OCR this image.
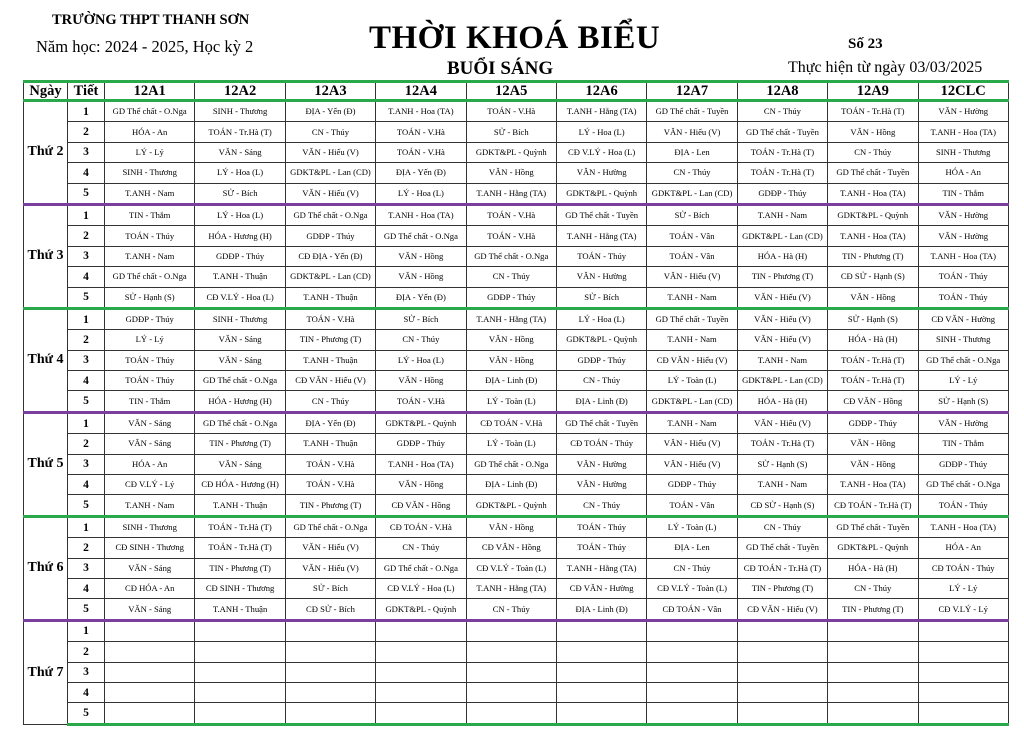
TRƯỜNG THPT THANH SƠN
Năm học: 2024 - 2025, Học kỳ 2	THỜI KHOÁ BIỂU
BUỔI SÁNG
Số 23
Thực hiện từ ngày 03/03/2025
Ngày	Tiết	12A1	12A2	12A3	12A4	12A5	12A6	12A7	12A8	12A9	12CLC
Thứ 2	1	GD Thể chất - O.Nga	SINH - Thương	ĐỊA - Yến (Đ)	T.ANH - Hoa (TA)	TOÁN - V.Hà	T.ANH - Hằng (TA)	GD Thể chất - Tuyền	CN - Thúy	TOÁN - Tr.Hà (T)	VĂN - Hường
	2	HÓA - An	TOÁN - Tr.Hà (T)	CN - Thúy	TOÁN - V.Hà	SỬ - Bích	LÝ - Hoa (L)	VĂN - Hiếu (V)	GD Thể chất - Tuyền	VĂN - Hồng	T.ANH - Hoa (TA)
	3	LÝ - Lý	VĂN - Sáng	VĂN - Hiếu (V)	TOÁN - V.Hà	GDKT&PL - Quỳnh	CĐ V.LÝ - Hoa (L)	ĐỊA - Len	TOÁN - Tr.Hà (T)	CN - Thúy	SINH - Thương
	4	SINH - Thương	LÝ - Hoa (L)	GDKT&PL - Lan (CD)	ĐỊA - Yến (Đ)	VĂN - Hồng	VĂN - Hường	CN - Thúy	TOÁN - Tr.Hà (T)	GD Thể chất - Tuyền	HÓA - An
	5	T.ANH - Nam	SỬ - Bích	VĂN - Hiếu (V)	LÝ - Hoa (L)	T.ANH - Hằng (TA)	GDKT&PL - Quỳnh	GDKT&PL - Lan (CD)	GDĐP - Thúy	T.ANH - Hoa (TA)	TIN - Thắm
Thứ 3	1	TIN - Thắm	LÝ - Hoa (L)	GD Thể chất - O.Nga	T.ANH - Hoa (TA)	TOÁN - V.Hà	GD Thể chất - Tuyền	SỬ - Bích	T.ANH - Nam	GDKT&PL - Quỳnh	VĂN - Hường
	2	TOÁN - Thúy	HÓA - Hương (H)	GDĐP - Thúy	GD Thể chất - O.Nga	TOÁN - V.Hà	T.ANH - Hằng (TA)	TOÁN - Vân	GDKT&PL - Lan (CD)	T.ANH - Hoa (TA)	VĂN - Hường
	3	T.ANH - Nam	GDĐP - Thúy	CĐ ĐỊA - Yến (Đ)	VĂN - Hồng	GD Thể chất - O.Nga	TOÁN - Thúy	TOÁN - Vân	HÓA - Hà (H)	TIN - Phương (T)	T.ANH - Hoa (TA)
	4	GD Thể chất - O.Nga	T.ANH - Thuận	GDKT&PL - Lan (CD)	VĂN - Hồng	CN - Thúy	VĂN - Hường	VĂN - Hiếu (V)	TIN - Phương (T)	CĐ SỬ - Hạnh (S)	TOÁN - Thúy
	5	SỬ - Hạnh (S)	CĐ V.LÝ - Hoa (L)	T.ANH - Thuận	ĐỊA - Yến (Đ)	GDĐP - Thúy	SỬ - Bích	T.ANH - Nam	VĂN - Hiếu (V)	VĂN - Hồng	TOÁN - Thúy
Thứ 4	1	GDĐP - Thúy	SINH - Thương	TOÁN - V.Hà	SỬ - Bích	T.ANH - Hằng (TA)	LÝ - Hoa (L)	GD Thể chất - Tuyền	VĂN - Hiếu (V)	SỬ - Hạnh (S)	CĐ VĂN - Hường
	2	LÝ - Lý	VĂN - Sáng	TIN - Phương (T)	CN - Thúy	VĂN - Hồng	GDKT&PL - Quỳnh	T.ANH - Nam	VĂN - Hiếu (V)	HÓA - Hà (H)	SINH - Thương
	3	TOÁN - Thúy	VĂN - Sáng	T.ANH - Thuận	LÝ - Hoa (L)	VĂN - Hồng	GDĐP - Thúy	CĐ VĂN - Hiếu (V)	T.ANH - Nam	TOÁN - Tr.Hà (T)	GD Thể chất - O.Nga
	4	TOÁN - Thúy	GD Thể chất - O.Nga	CĐ VĂN - Hiếu (V)	VĂN - Hồng	ĐỊA - Linh (Đ)	CN - Thúy	LÝ - Toàn (L)	GDKT&PL - Lan (CD)	TOÁN - Tr.Hà (T)	LÝ - Lý
	5	TIN - Thắm	HÓA - Hương (H)	CN - Thúy	TOÁN - V.Hà	LÝ - Toàn (L)	ĐỊA - Linh (Đ)	GDKT&PL - Lan (CD)	HÓA - Hà (H)	CĐ VĂN - Hồng	SỬ - Hạnh (S)
Thứ 5	1	VĂN - Sáng	GD Thể chất - O.Nga	ĐỊA - Yến (Đ)	GDKT&PL - Quỳnh	CĐ TOÁN - V.Hà	GD Thể chất - Tuyền	T.ANH - Nam	VĂN - Hiếu (V)	GDĐP - Thúy	VĂN - Hường
	2	VĂN - Sáng	TIN - Phương (T)	T.ANH - Thuận	GDĐP - Thúy	LÝ - Toàn (L)	CĐ TOÁN - Thúy	VĂN - Hiếu (V)	TOÁN - Tr.Hà (T)	VĂN - Hồng	TIN - Thắm
	3	HÓA - An	VĂN - Sáng	TOÁN - V.Hà	T.ANH - Hoa (TA)	GD Thể chất - O.Nga	VĂN - Hường	VĂN - Hiếu (V)	SỬ - Hạnh (S)	VĂN - Hồng	GDĐP - Thúy
	4	CĐ V.LÝ - Lý	CĐ HÓA - Hương (H)	TOÁN - V.Hà	VĂN - Hồng	ĐỊA - Linh (Đ)	VĂN - Hường	GDĐP - Thúy	T.ANH - Nam	T.ANH - Hoa (TA)	GD Thể chất - O.Nga
	5	T.ANH - Nam	T.ANH - Thuận	TIN - Phương (T)	CĐ VĂN - Hồng	GDKT&PL - Quỳnh	CN - Thúy	TOÁN - Vân	CĐ SỬ - Hạnh (S)	CĐ TOÁN - Tr.Hà (T)	TOÁN - Thúy
Thứ 6	1	SINH - Thương	TOÁN - Tr.Hà (T)	GD Thể chất - O.Nga	CĐ TOÁN - V.Hà	VĂN - Hồng	TOÁN - Thúy	LÝ - Toàn (L)	CN - Thúy	GD Thể chất - Tuyền	T.ANH - Hoa (TA)
	2	CĐ SINH - Thương	TOÁN - Tr.Hà (T)	VĂN - Hiếu (V)	CN - Thúy	CĐ VĂN - Hồng	TOÁN - Thúy	ĐỊA - Len	GD Thể chất - Tuyền	GDKT&PL - Quỳnh	HÓA - An
	3	VĂN - Sáng	TIN - Phương (T)	VĂN - Hiếu (V)	GD Thể chất - O.Nga	CĐ V.LÝ - Toàn (L)	T.ANH - Hằng (TA)	CN - Thúy	CĐ TOÁN - Tr.Hà (T)	HÓA - Hà (H)	CĐ TOÁN - Thúy
	4	CĐ HÓA - An	CĐ SINH - Thương	SỬ - Bích	CĐ V.LÝ - Hoa (L)	T.ANH - Hằng (TA)	CĐ VĂN - Hường	CĐ V.LÝ - Toàn (L)	TIN - Phương (T)	CN - Thúy	LÝ - Lý
	5	VĂN - Sáng	T.ANH - Thuận	CĐ SỬ - Bích	GDKT&PL - Quỳnh	CN - Thúy	ĐỊA - Linh (Đ)	CĐ TOÁN - Vân	CĐ VĂN - Hiếu (V)	TIN - Phương (T)	CĐ V.LÝ - Lý
Thứ 7	1										
	2										
	3										
	4										
	5										
